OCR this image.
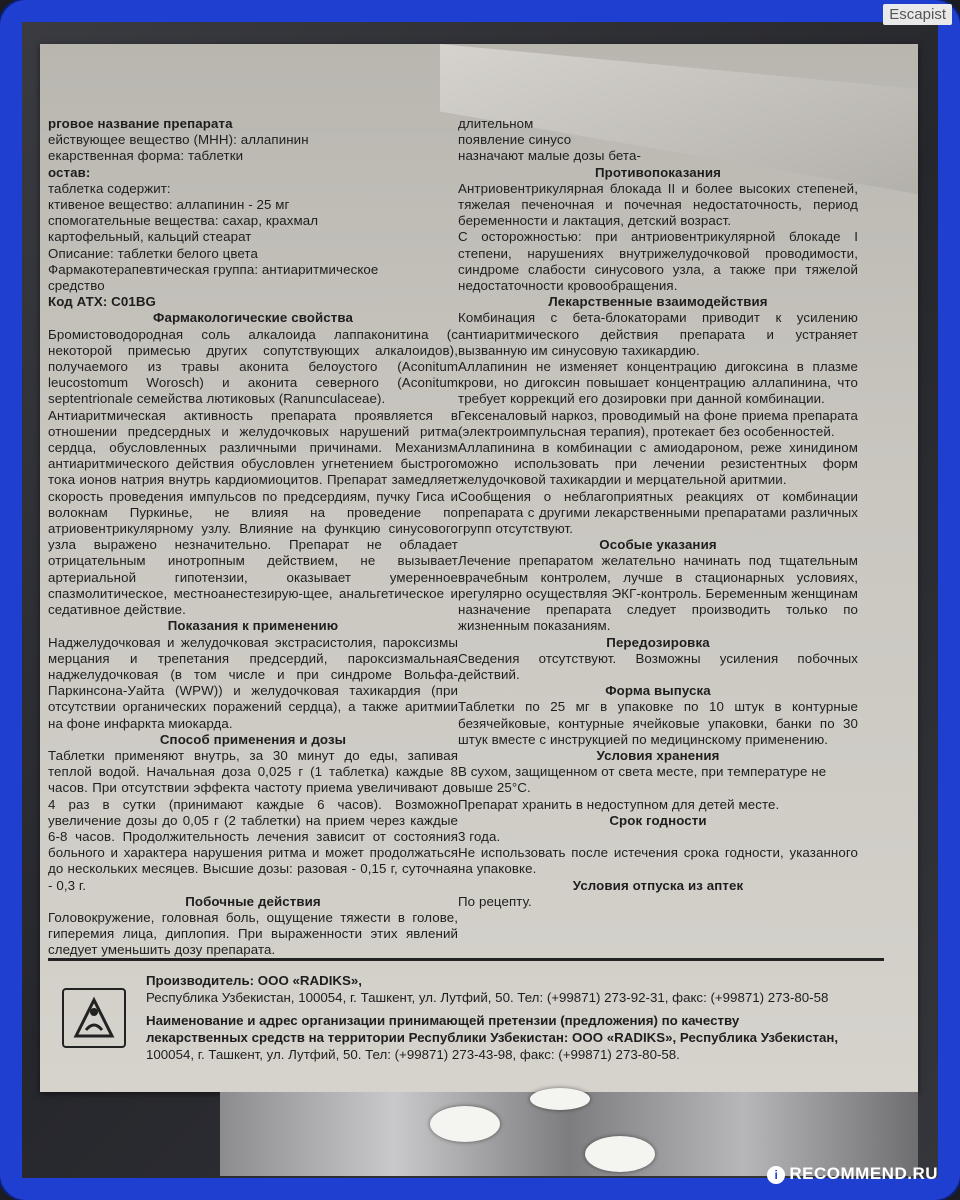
Escapist

рговое название препарата

ействующее вещество (МНН): аллапинин

екарственная форма: таблетки

остав:

таблетка содержит:

ктивеное вещество: аллапинин - 25 мг

спомогательные вещества: сахар, крахмал

картофельный, кальций стеарат

Описание: таблетки белого цвета

Фармакотерапевтическая группа: антиаритмическое

средство

Код АТХ: С01BG

Фармакологические свойства

Бромистоводородная соль алкалоида лаппаконитина (с некоторой примесью других сопутствующих алкалоидов), получаемого из травы аконита белоустого (Aconitum leucostomum Worosch) и аконита северного (Aconitum septentrionale семейства лютиковых (Ranunculaceae).

Антиаритмическая активность препарата проявляется в отношении предсердных и желудочковых нарушений ритма сердца, обусловленных различными причинами. Механизм антиаритмического действия обусловлен угнетением быстрого тока ионов натрия внутрь кардиомиоцитов. Препарат замедляет скорость проведения импульсов по предсердиям, пучку Гиса и волокнам Пуркинье, не влияя на проведение по атриовентрикулярному узлу. Влияние на функцию синусового узла выражено незначительно. Препарат не обладает отрицательным инотропным действием, не вызывает артериальной гипотензии, оказывает умеренное спазмолитическое, местноанестезирую-щее, анальгетическое и седативное действие.

Показания к применению

Наджелудочковая и желудочковая экстрасистолия, пароксизмы мерцания и трепетания предсердий, пароксизмальная наджелудочковая (в том числе и при синдроме Вольфа-Паркинсона-Уайта (WPW)) и желудочковая тахикардия (при отсутствии органических поражений сердца), а также аритмии на фоне инфаркта миокарда.

Способ применения и дозы

Таблетки применяют внутрь, за 30 минут до еды, запивая теплой водой. Начальная доза 0,025 г (1 таблетка) каждые 8 часов. При отсутствии эффекта частоту приема увеличивают до 4 раз в сутки (принимают каждые 6 часов). Возможно увеличение дозы до 0,05 г (2 таблетки) на прием через каждые 6-8 часов. Продолжительность лечения зависит от состояния больного и характера нарушения ритма и может продолжаться до нескольких месяцев. Высшие дозы: разовая - 0,15 г, суточная - 0,3 г.

Побочные действия

Головокружение, головная боль, ощущение тяжести в голове, гиперемия лица, диплопия. При выраженности этих явлений следует уменьшить дозу препарата.

длительном

появление синусо

назначают малые дозы бета-

Противопоказания

Антриовентрикулярная блокада II и более высоких степеней, тяжелая печеночная и почечная недостаточность, период беременности и лактация, детский возраст.

С осторожностью: при антриовентрикулярной блокаде I степени, нарушениях внутрижелудочковой проводимости, синдроме слабости синусового узла, а также при тяжелой недостаточности кровообращения.

Лекарственные взаимодействия

Комбинация с бета-блокаторами приводит к усилению антиаритмического действия препарата и устраняет вызванную им синусовую тахикардию.

Аллапинин не изменяет концентрацию дигоксина в плазме крови, но дигоксин повышает концентрацию аллапинина, что требует коррекций его дозировки при данной комбинации.

Гексеналовый наркоз, проводимый на фоне приема препарата (электроимпульсная терапия), протекает без особенностей.

Аллапинина в комбинации с амиодароном, реже хинидином можно использовать при лечении резистентных форм желудочковой тахикардии и мерцательной аритмии.

Сообщения о неблагоприятных реакциях от комбинации препарата с другими лекарственными препаратами различных групп отсутствуют.

Особые указания

Лечение препаратом желательно начинать под тщательным врачебным контролем, лучше в стационарных условиях, регулярно осуществляя ЭКГ-контроль. Беременным женщинам назначение препарата следует производить только по жизненным показаниям.

Передозировка

Сведения отсутствуют. Возможны усиления побочных действий.

Форма выпуска

Таблетки по 25 мг в упаковке по 10 штук в контурные безячейковые, контурные ячейковые упаковки, банки по 30 штук вместе с инструкцией по медицинскому применению.

Условия хранения

В сухом, защищенном от света месте, при температуре не выше 25°С.

Препарат хранить в недоступном для детей месте.

Срок годности

3 года.

Не использовать после истечения срока годности, указанного на упаковке.

Условия отпуска из аптек

По рецепту.

Производитель: ООО «RADIKS»,
Республика Узбекистан, 100054, г. Ташкент, ул. Лутфий, 50. Тел: (+99871) 273-92-31, факс: (+99871) 273-80-58
Наименование и адрес организации принимающей претензии (предложения) по качеству
лекарственных средств на территории Республики Узбекистан: ООО «RADIKS», Республика Узбекистан,
100054, г. Ташкент, ул. Лутфий, 50. Тел: (+99871) 273-43-98, факс: (+99871) 273-80-58.
i RECOMMEND.RU
